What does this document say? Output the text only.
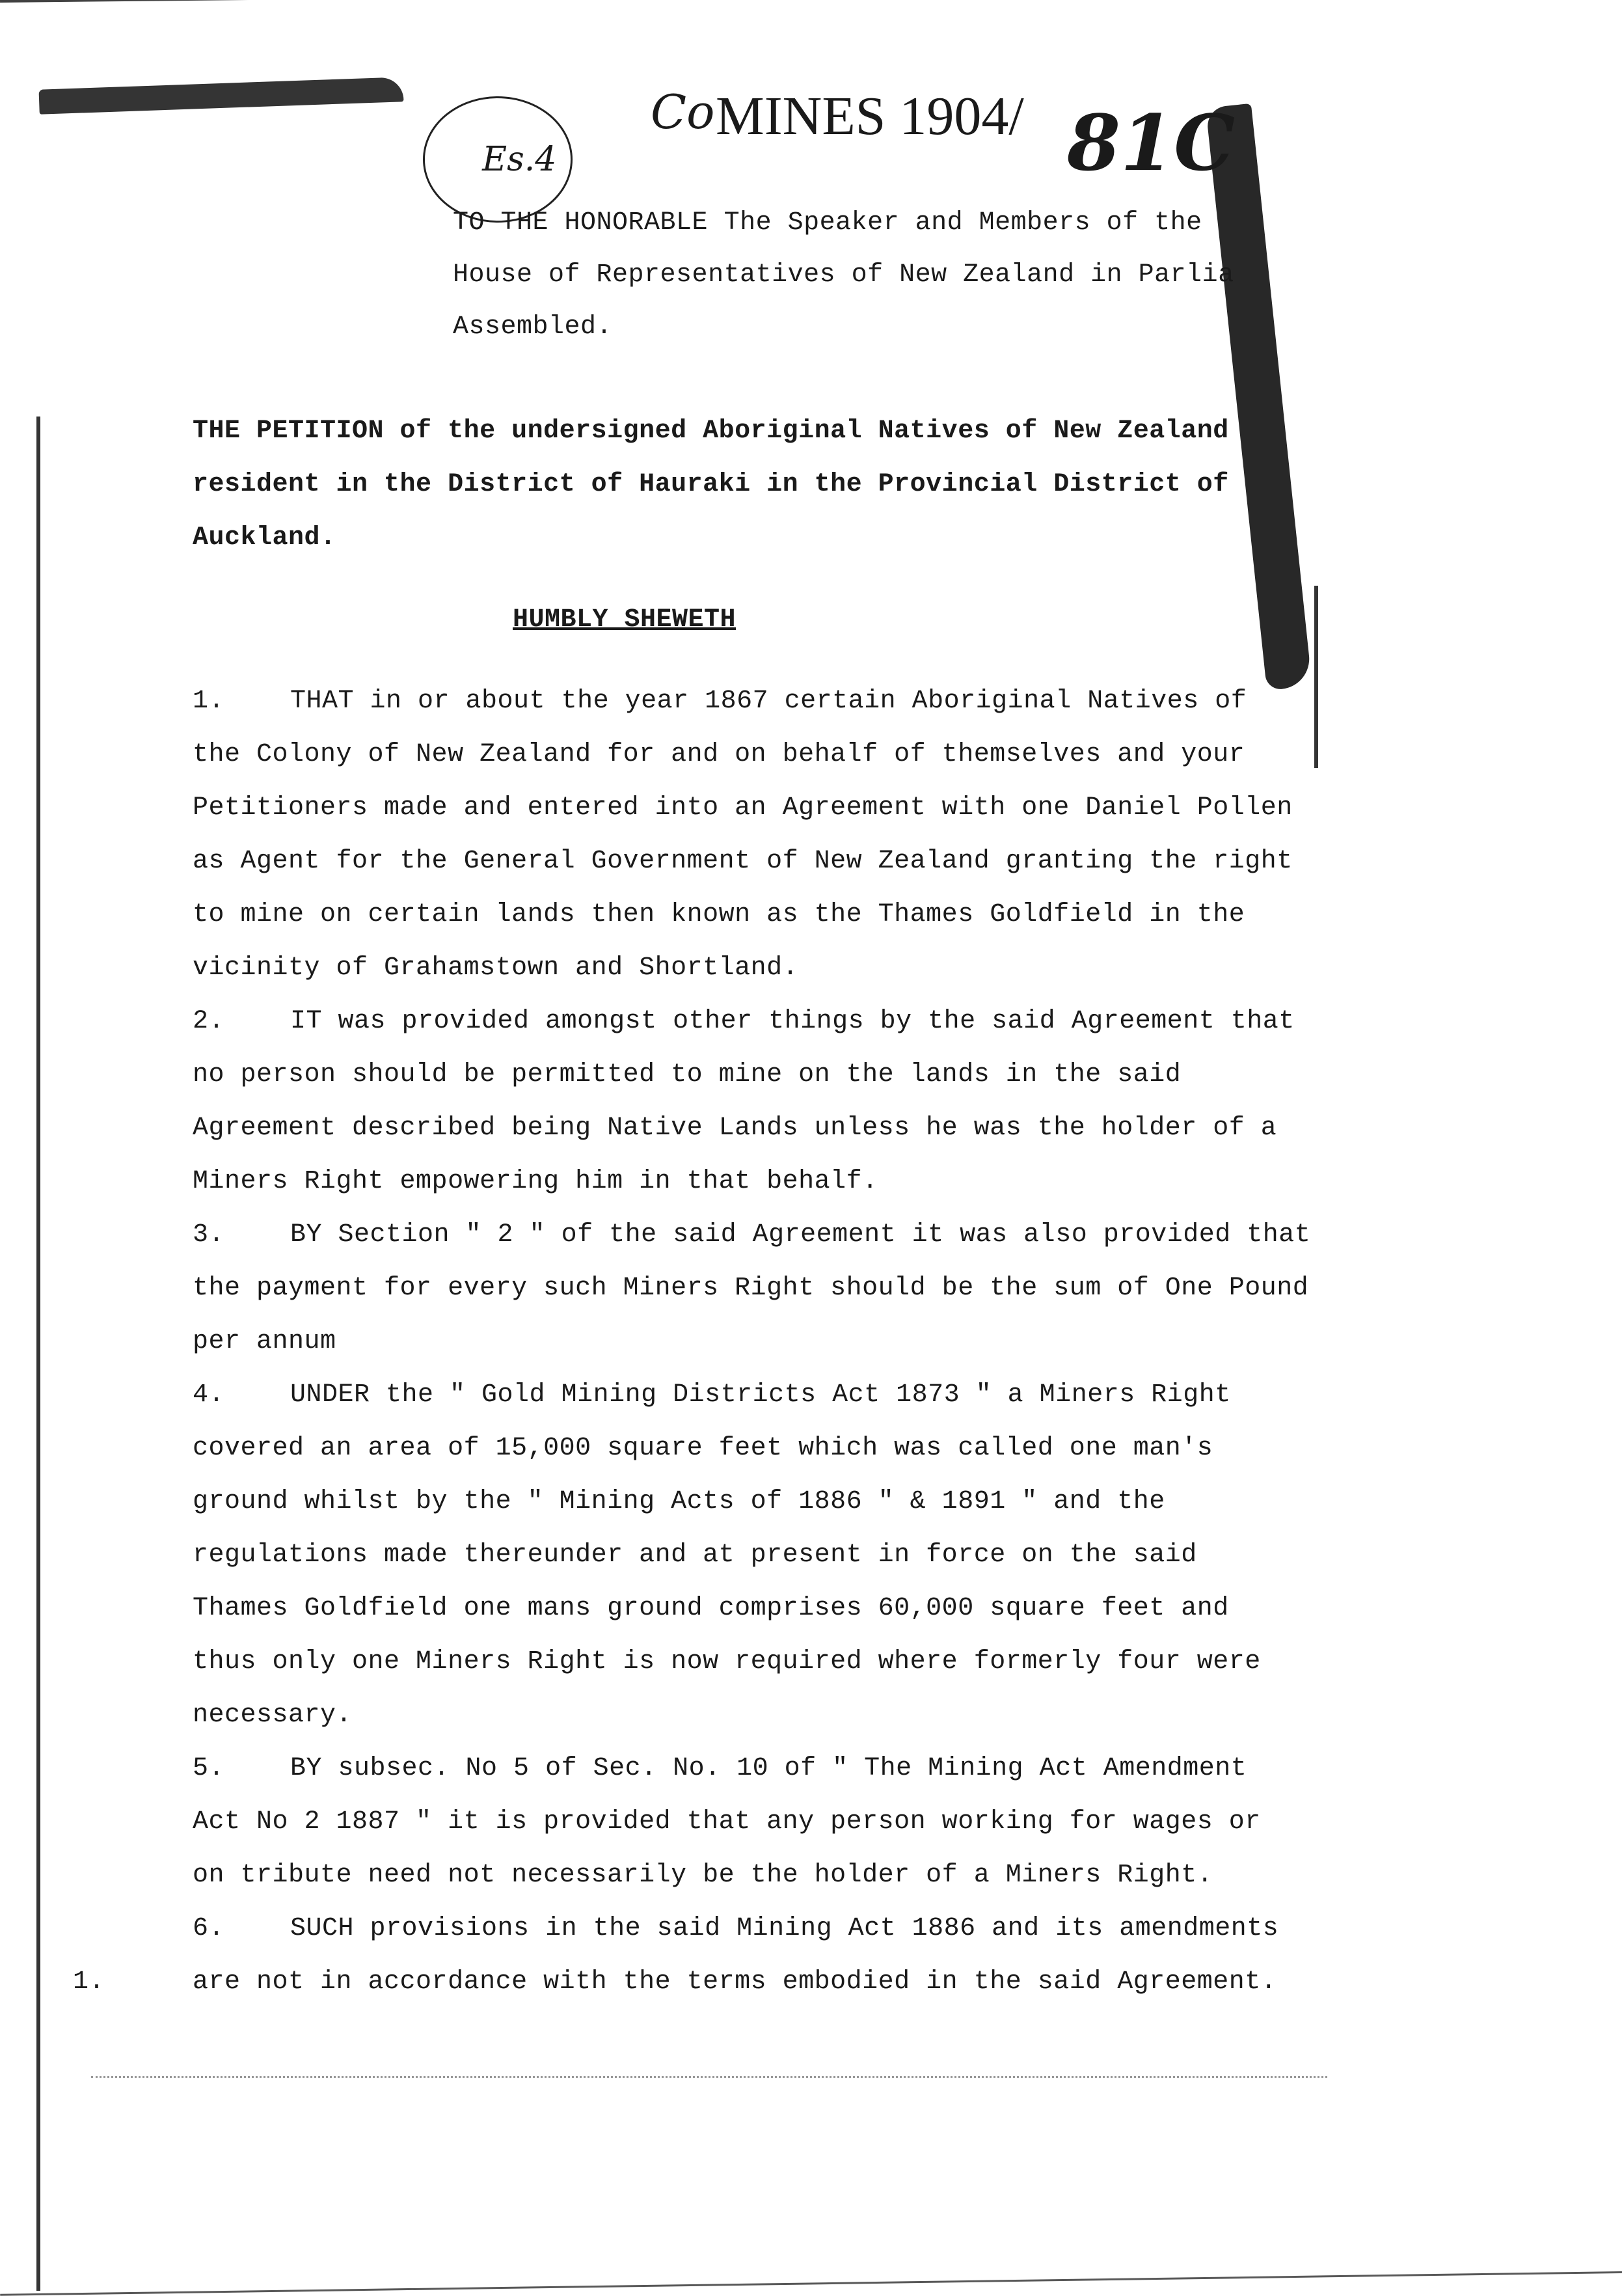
Es.4

Co MINES 1904/ 81C
TO THE HONORABLE The Speaker and Members of the
House of Representatives of New Zealand in Parlia
Assembled.
THE PETITION of the undersigned Aboriginal Natives of New Zealand
resident in the District of Hauraki in the Provincial District of
Auckland.
HUMBLY SHEWETH
1.	THAT in or about the year 1867 certain Aboriginal Natives of
the Colony of New Zealand for and on behalf of themselves and your
Petitioners made and entered into an Agreement with one Daniel Pollen
as Agent for the General Government of New Zealand granting the right
to mine on certain lands then known as the Thames Goldfield in the
vicinity of Grahamstown and Shortland.
2.	IT was provided amongst other things by the said Agreement that
no person should be permitted to mine on the lands in the said
Agreement described being Native Lands unless he was the holder of a
Miners Right empowering him in that behalf.
3.	BY Section " 2 " of the said Agreement it was also provided that
the payment for every such Miners Right should be the sum of One Pound
per annum
4.	UNDER the " Gold Mining Districts Act 1873 " a Miners Right
covered an area of 15,000 square feet which was called one man's
ground whilst by the " Mining Acts of 1886 " & 1891 " and the
regulations made thereunder and at present in force on the said
Thames Goldfield one mans ground comprises 60,000 square feet and
thus only one Miners Right is now required where formerly four were
necessary.
5.	BY subsec. No 5 of Sec. No. 10 of " The Mining Act Amendment
Act No 2 1887 " it is provided that any person working for wages or
on tribute need not necessarily be the holder of a Miners Right.
6.	SUCH provisions in the said Mining Act 1886 and its amendments
are not in accordance with the terms embodied in the said Agreement.
1.
